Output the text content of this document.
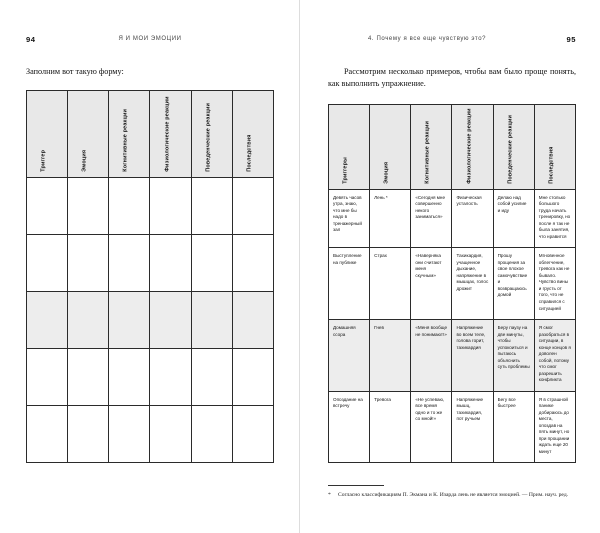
94	Я И МОИ ЭМОЦИИ
Заполним вот такую форму:
Триггер	Эмоция	Когнитивные реакции	Физиологические реакции	Поведенческие реакции	Последствия

95
4. Почему я все еще чувствую это?
Рассмотрим несколько примеров, чтобы вам было проще понять, как выполнить упражнение.
Триггеры	Эмоция	Когнитивные реакции	Физиологические реакции	Поведенческие реакции	Последствия

Девять часов утра, знаю, что мне бы надо в тренажерный зал	Лень *	«Сегодня мне совершенно некого заниматься»	Физическая усталость	Делаю над собой усилие и иду	Мне столько большого труда начать тренировку, но после я так не была занятия, что нравится
Выступление на публике	Страх	«Наверняка они считают меня скучным»	Тахикардия, учащенное дыхание, напряжение в мышцах, голос дрожит	Прошу прощения за свое плохое самочувствие и возвращаюсь домой	Мгновенное облегчение, тревога как не бывало. Чувство вины и грусть от того, что не справился с ситуацией
Домашняя ссора	Гнев	«Меня вообще не понимают!»	Напряжение во всем теле, голова горит, тахикардия	Беру паузу на две минуты, чтобы успокоиться и пытаюсь объяснить суть проблемы	Я смог разобраться в ситуации, в конце концов я доволен собой, потому что смог разрешить конфликта
Опоздание на встречу	Тревога	«Не успеваю, все время одно и то же со мной!»	Напряжение мышц, тахикардия, пот ручьем	Бегу все быстрее	Я в страшной панике добираюсь до места, опоздав на пять минут, но при прощании ждать еще 20 минут
*	Согласно классификациям П. Экмана и К. Изарда лень не является эмоцией. — Прим. науч. ред.
